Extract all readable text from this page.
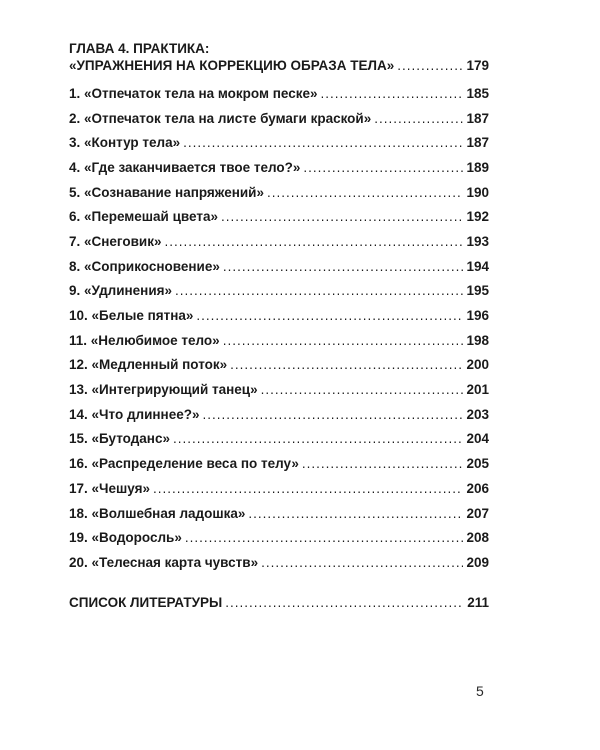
ГЛАВА 4. ПРАКТИКА:

«УПРАЖНЕНИЯ НА КОРРЕКЦИЮ ОБРАЗА ТЕЛА» .....	179
1. «Отпечаток тела на мокром песке» .....	185
2. «Отпечаток тела на листе бумаги краской» .....	187
3. «Контур тела» .....	187
4. «Где заканчивается твое тело?» .....	189
5. «Сознавание напряжений» .....	190
6. «Перемешай цвета» .....	192
7. «Снеговик» .....	193
8. «Соприкосновение» .....	194
9. «Удлинения» .....	195
10. «Белые пятна» .....	196
11. «Нелюбимое тело» .....	198
12. «Медленный поток» .....	200
13. «Интегрирующий танец» .....	201
14. «Что длиннее?» .....	203
15. «Бутоданс» .....	204
16. «Распределение веса по телу» .....	205
17. «Чешуя» .....	206
18. «Волшебная ладошка» .....	207
19. «Водоросль» .....	208
20. «Телесная карта чувств» .....	209
СПИСОК ЛИТЕРАТУРЫ .....	211
5
